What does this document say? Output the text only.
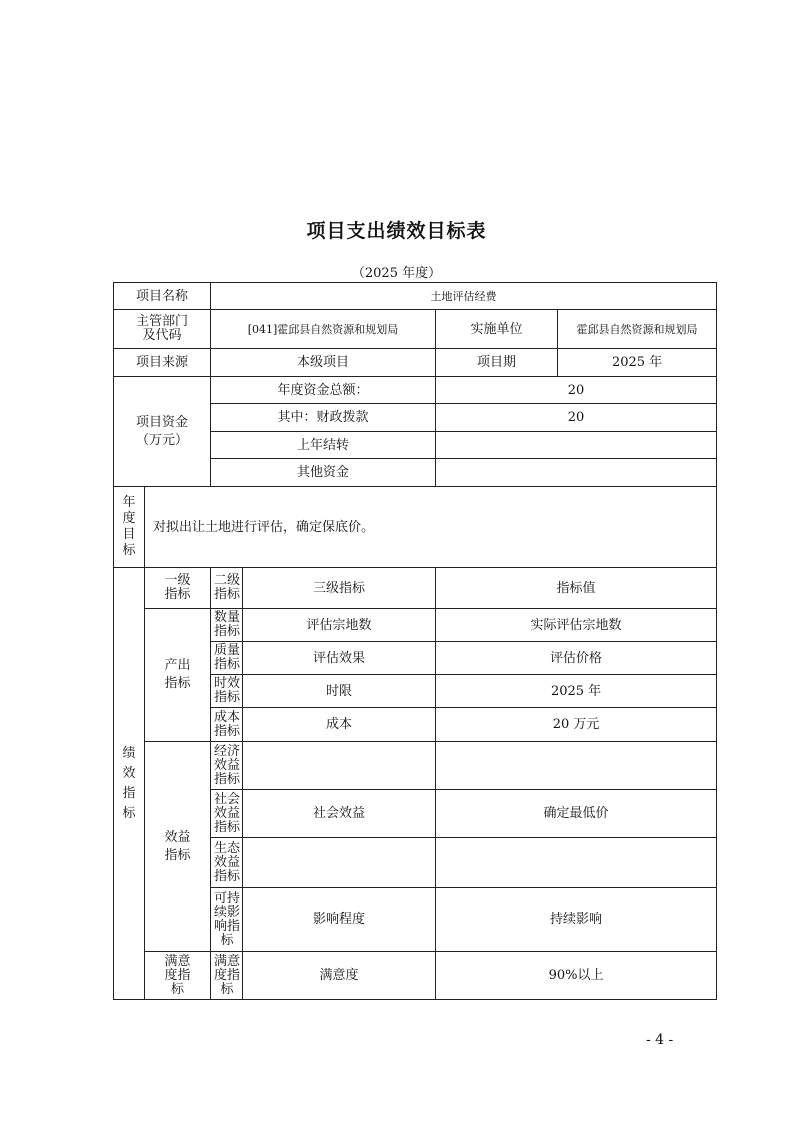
项目支出绩效目标表
（2025 年度）
项目名称		土地评估经费			
主管部门及代码		[041]霍邱县自然资源和规划局		实施单位	霍邱县自然资源和规划局
项目来源		本级项目		项目期	2025 年
项目资金（万元）		年度资金总额：		20	
		其中：财政拨款		20	
		上年结转			
		其他资金			
年度目标	对拟出让土地进行评估，确定保底价。				
绩效指标	一级指标	二级指标	三级指标	指标值	
	产出指标	数量指标	评估宗地数	实际评估宗地数	
		质量指标	评估效果	评估价格	
		时效指标	时限	2025 年	
		成本指标	成本	20 万元	
	效益指标	经济效益指标			
		社会效益指标	社会效益	确定最低价	
		生态效益指标			
		可持续影响指标	影响程度	持续影响	
	满意度指标	满意度指标	满意度	90%以上	
- 4 -
